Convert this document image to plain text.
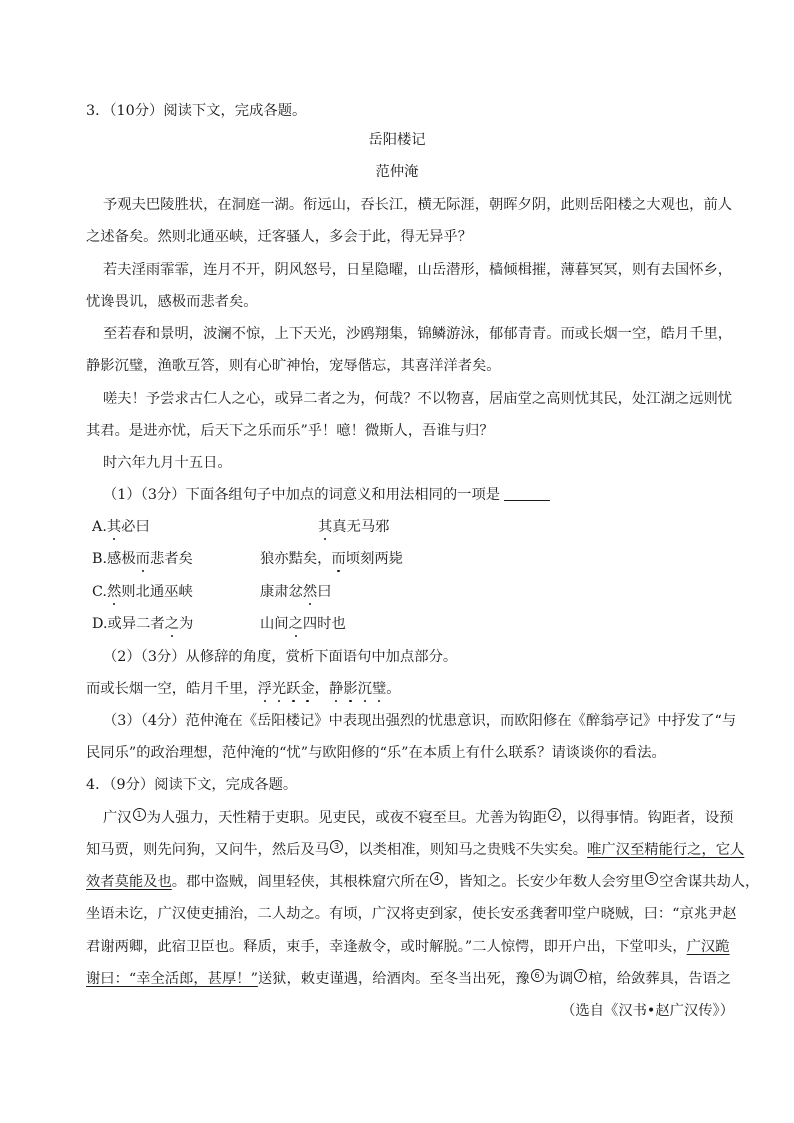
3．（10分）阅读下文，完成各题。
岳阳楼记
范仲淹
予观夫巴陵胜状，在洞庭一湖。衔远山，吞长江，横无际涯，朝晖夕阴，此则岳阳楼之大观也，前人
之述备矣。然则北通巫峡，迁客骚人，多会于此，得无异乎？
若夫淫雨霏霏，连月不开，阴风怒号，日星隐曜，山岳潜形，樯倾楫摧，薄暮冥冥，则有去国怀乡，
忧谗畏讥，感极而悲者矣。
至若春和景明，波澜不惊，上下天光，沙鸥翔集，锦鳞游泳，郁郁青青。而或长烟一空，皓月千里，
静影沉璧，渔歌互答，则有心旷神怡，宠辱偕忘，其喜洋洋者矣。
嗟夫！予尝求古仁人之心，或异二者之为，何哉？不以物喜，居庙堂之高则忧其民，处江湖之远则忧
其君。是进亦忧，后天下之乐而乐”乎！噫！微斯人，吾谁与归？
时六年九月十五日。
（1）（3分）下面各组句子中加点的词意义和用法相同的一项是
A.其必曰	其真无马邪
B.感极而悲者矣	狼亦黠矣，而顷刻两毙
C.然则北通巫峡	康肃忿然曰
D.或异二者之为	山间之四时也
（2）（3分）从修辞的角度，赏析下面语句中加点部分。
而或长烟一空，皓月千里，浮光跃金，静影沉璧。
（3）（4分）范仲淹在《岳阳楼记》中表现出强烈的忧患意识，而欧阳修在《醉翁亭记》中抒发了“与
民同乐”的政治理想，范仲淹的“忧”与欧阳修的“乐”在本质上有什么联系？请谈谈你的看法。
4．（9分）阅读下文，完成各题。
广汉 1 为人强力，天性精于吏职。见吏民，或夜不寝至旦。尤善为钩距 2 ，以得事情。钩距者，设预
知马贾，则先问狗，又问牛，然后及马 3 ，以类相准，则知马之贵贱不失实矣。唯广汉至精能行之，它人
效者莫能及也。郡中盗贼，闾里轻侠，其根株窟穴所在 4 ，皆知之。长安少年数人会穷里 5 空舍谋共劫人，
坐语未讫，广汉使吏捕治，二人劫之。有顷，广汉将吏到家，使长安丞龚奢叩堂户晓贼，曰：“京兆尹赵
君谢两卿，此宿卫臣也。释质，束手，幸逢赦令，或时解脱。”二人惊愕，即开户出，下堂叩头，广汉跪
谢曰：“幸全活郎，甚厚！”送狱，敕吏谨遇，给酒肉。至冬当出死，豫 6 为调 7 棺，给敛葬具，告语之
（选自《汉书•赵广汉传》）
